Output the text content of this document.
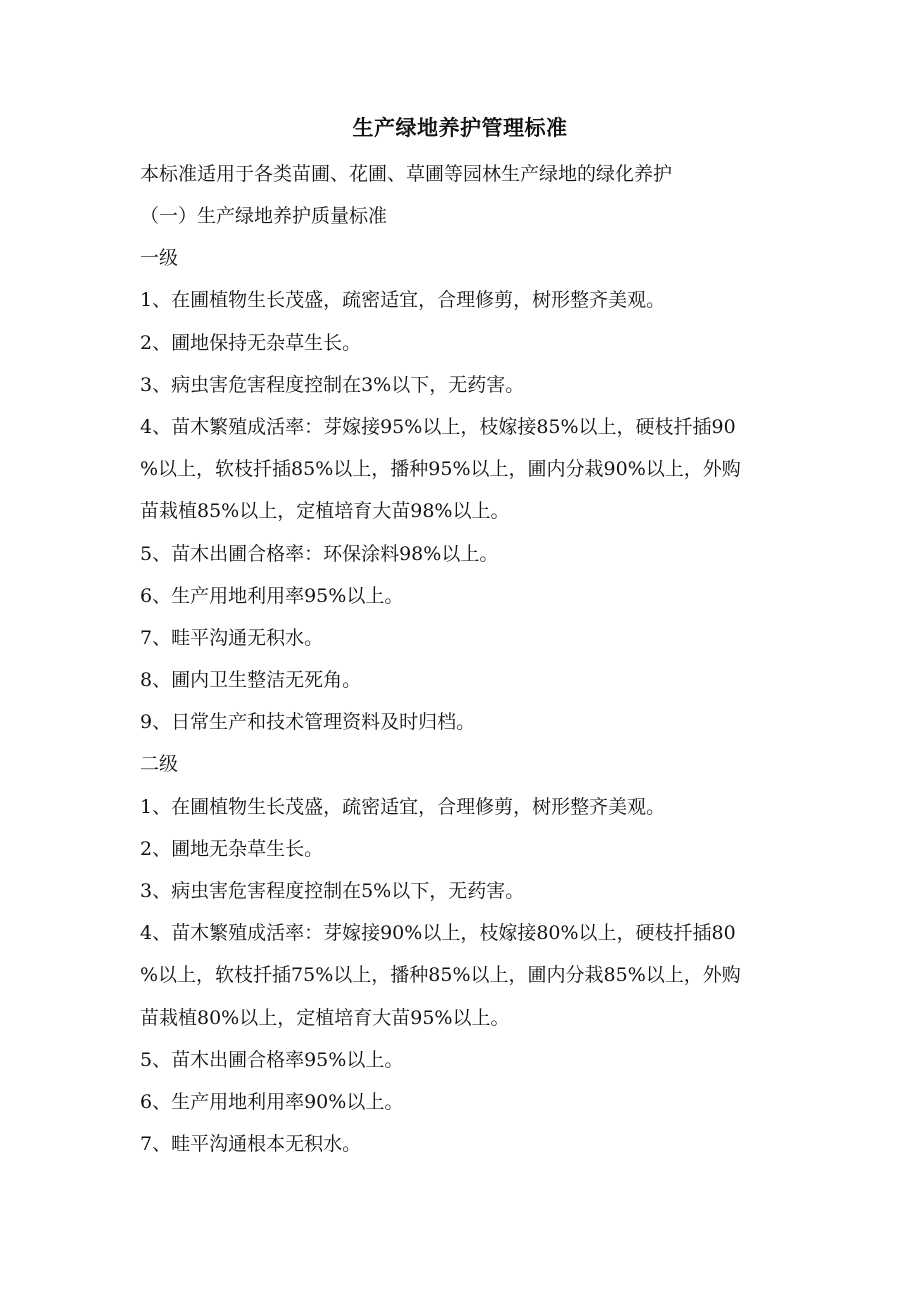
生产绿地养护管理标准
本标准适用于各类苗圃、花圃、草圃等园林生产绿地的绿化养护
（一）生产绿地养护质量标准
一级
1、在圃植物生长茂盛，疏密适宜，合理修剪，树形整齐美观。
2、圃地保持无杂草生长。
3、病虫害危害程度控制在3%以下，无药害。
4、苗木繁殖成活率：芽嫁接95%以上，枝嫁接85%以上，硬枝扦插90
%以上，软枝扦插85%以上，播种95%以上，圃内分栽90%以上，外购
苗栽植85%以上，定植培育大苗98%以上。
5、苗木出圃合格率：环保涂料98%以上。
6、生产用地利用率95%以上。
7、畦平沟通无积水。
8、圃内卫生整洁无死角。
9、日常生产和技术管理资料及时归档。
二级
1、在圃植物生长茂盛，疏密适宜，合理修剪，树形整齐美观。
2、圃地无杂草生长。
3、病虫害危害程度控制在5%以下，无药害。
4、苗木繁殖成活率：芽嫁接90%以上，枝嫁接80%以上，硬枝扦插80
%以上，软枝扦插75%以上，播种85%以上，圃内分栽85%以上，外购
苗栽植80%以上，定植培育大苗95%以上。
5、苗木出圃合格率95%以上。
6、生产用地利用率90%以上。
7、畦平沟通根本无积水。
